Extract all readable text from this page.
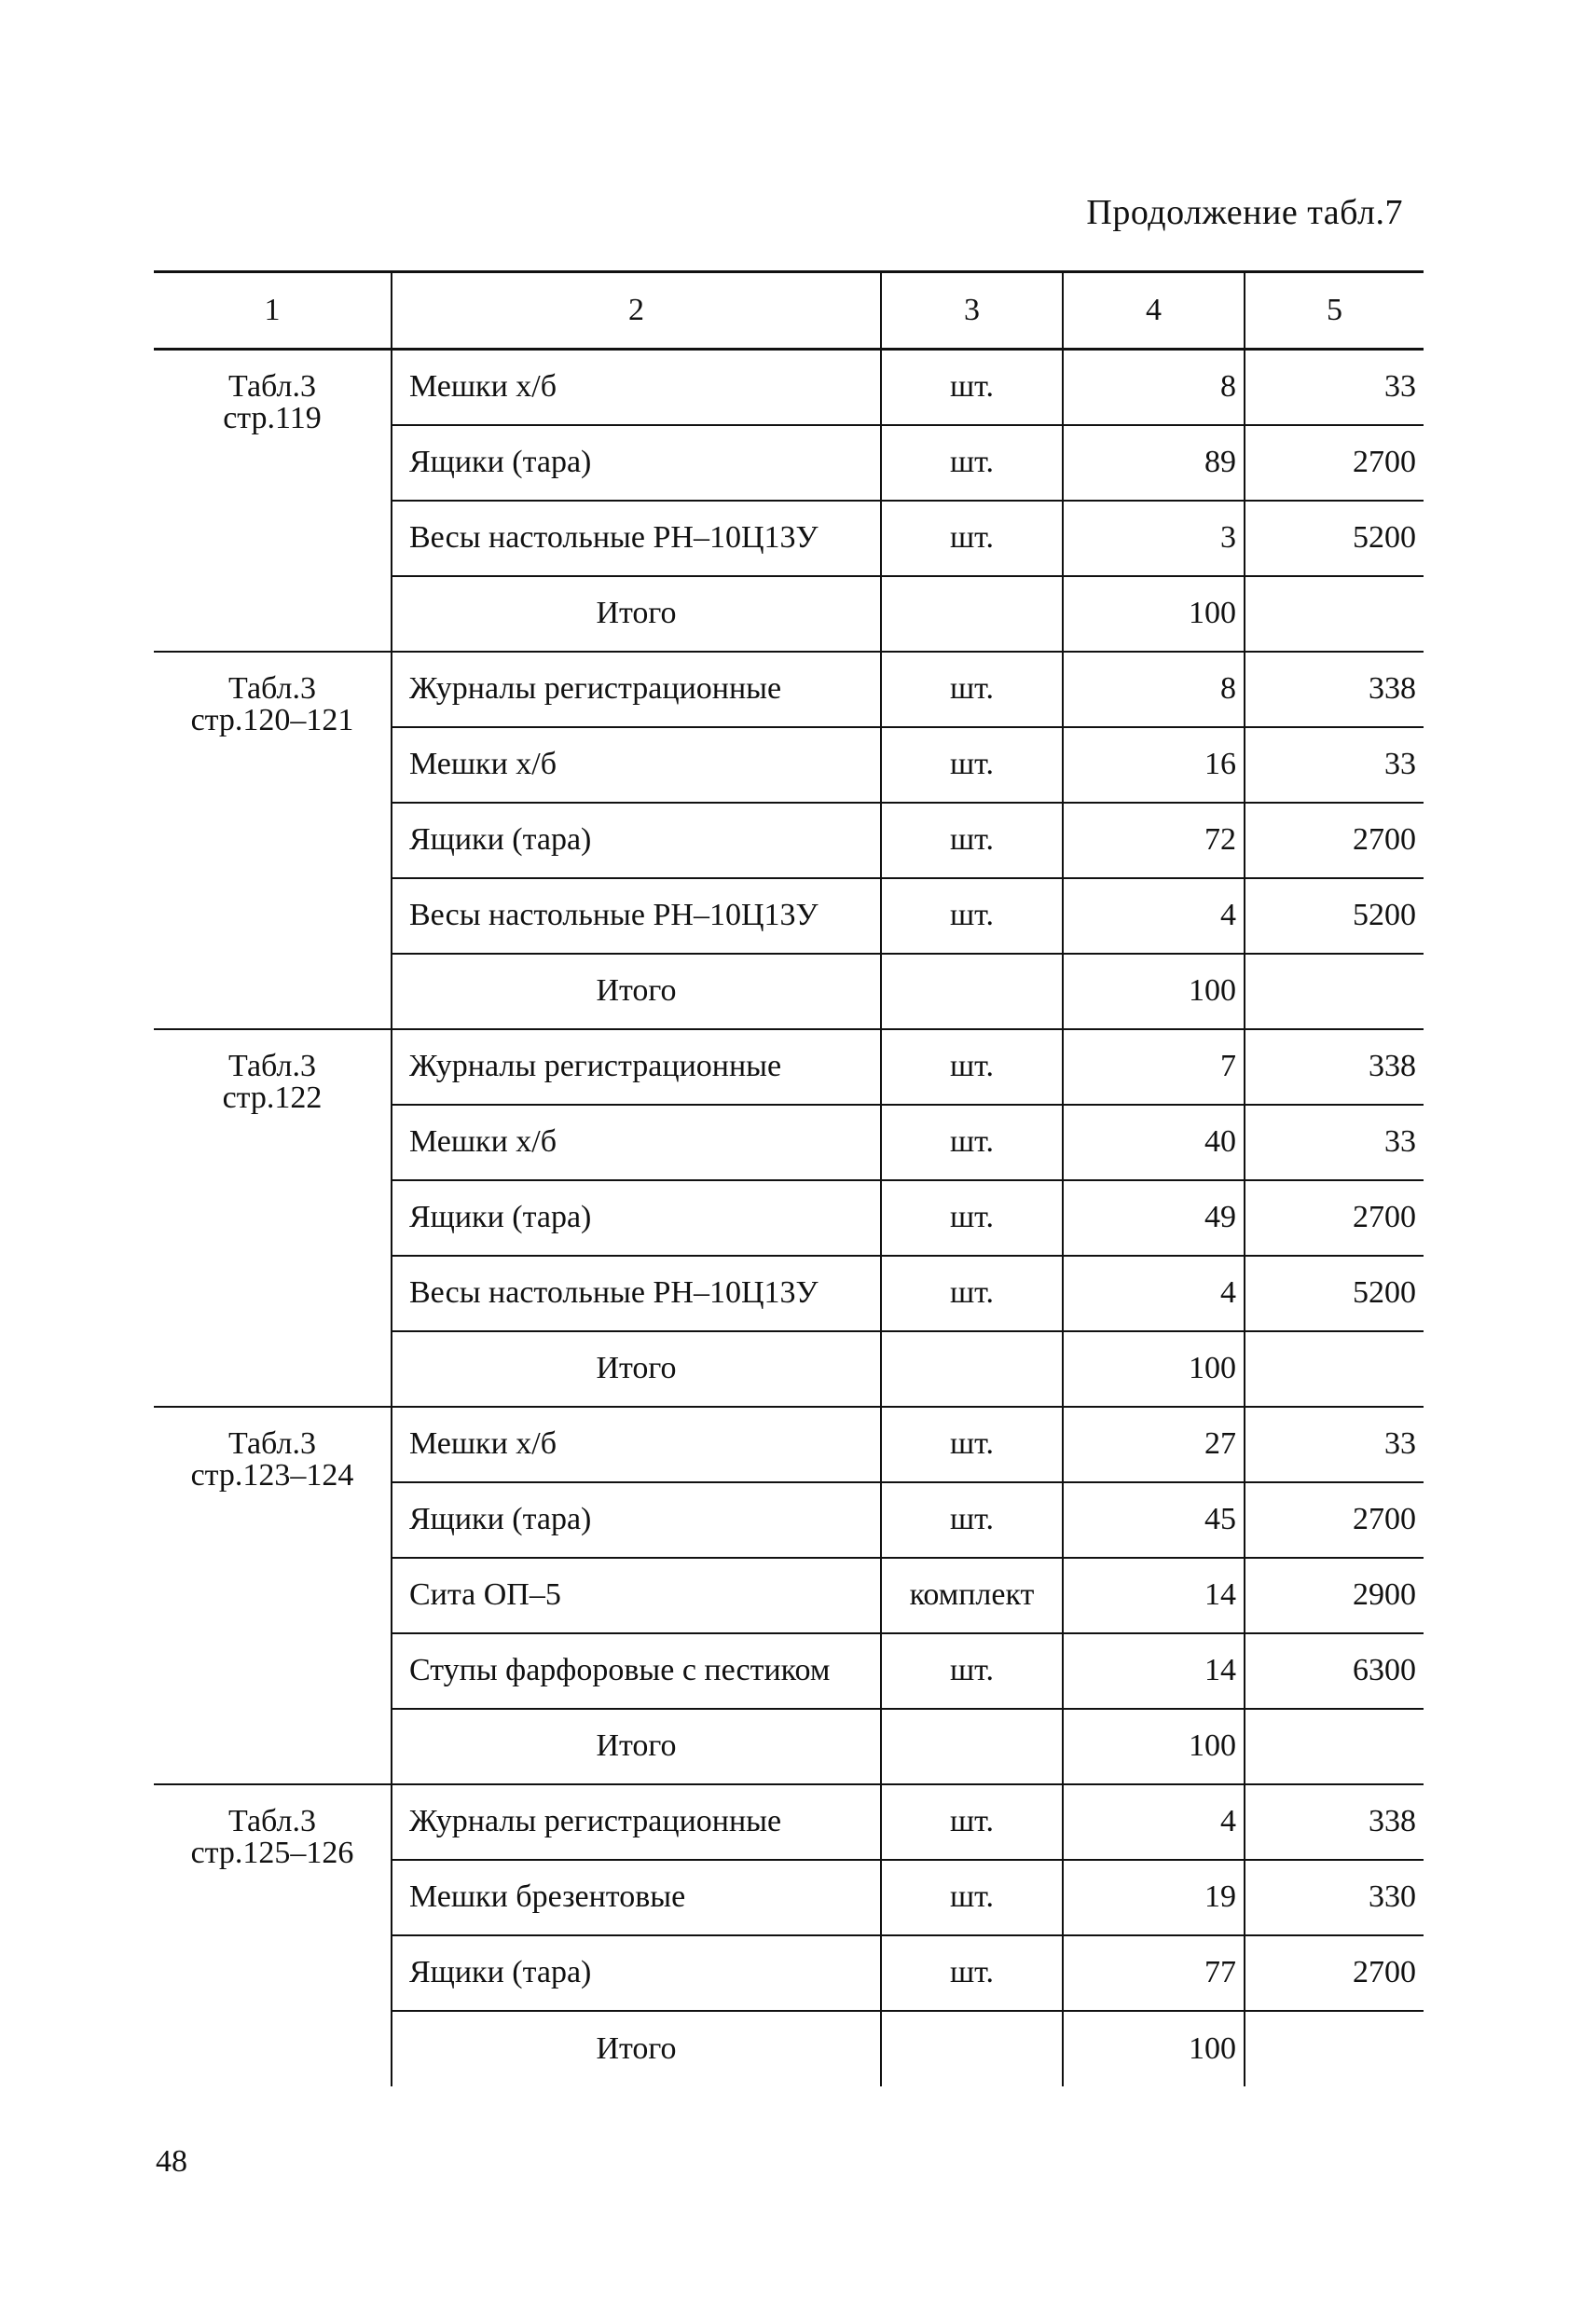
Продолжение табл.7
1	2	3	4	5

Табл.3
стр.119	Мешки х/б	шт.	8	33
	Ящики (тара)	шт.	89	2700
	Весы настольные РН–10Ц13У	шт.	3	5200
	Итого		100	

Табл.3
стр.120–121	Журналы регистрационные	шт.	8	338
	Мешки х/б	шт.	16	33
	Ящики (тара)	шт.	72	2700
	Весы настольные РН–10Ц13У	шт.	4	5200
	Итого		100	

Табл.3
стр.122	Журналы регистрационные	шт.	7	338
	Мешки х/б	шт.	40	33
	Ящики (тара)	шт.	49	2700
	Весы настольные РН–10Ц13У	шт.	4	5200
	Итого		100	

Табл.3
стр.123–124	Мешки х/б	шт.	27	33
	Ящики (тара)	шт.	45	2700
	Сита ОП–5	комплект	14	2900
	Ступы фарфоровые с пестиком	шт.	14	6300
	Итого		100	

Табл.3
стр.125–126	Журналы регистрационные	шт.	4	338
	Мешки брезентовые	шт.	19	330
	Ящики (тара)	шт.	77	2700
	Итого		100	
48
